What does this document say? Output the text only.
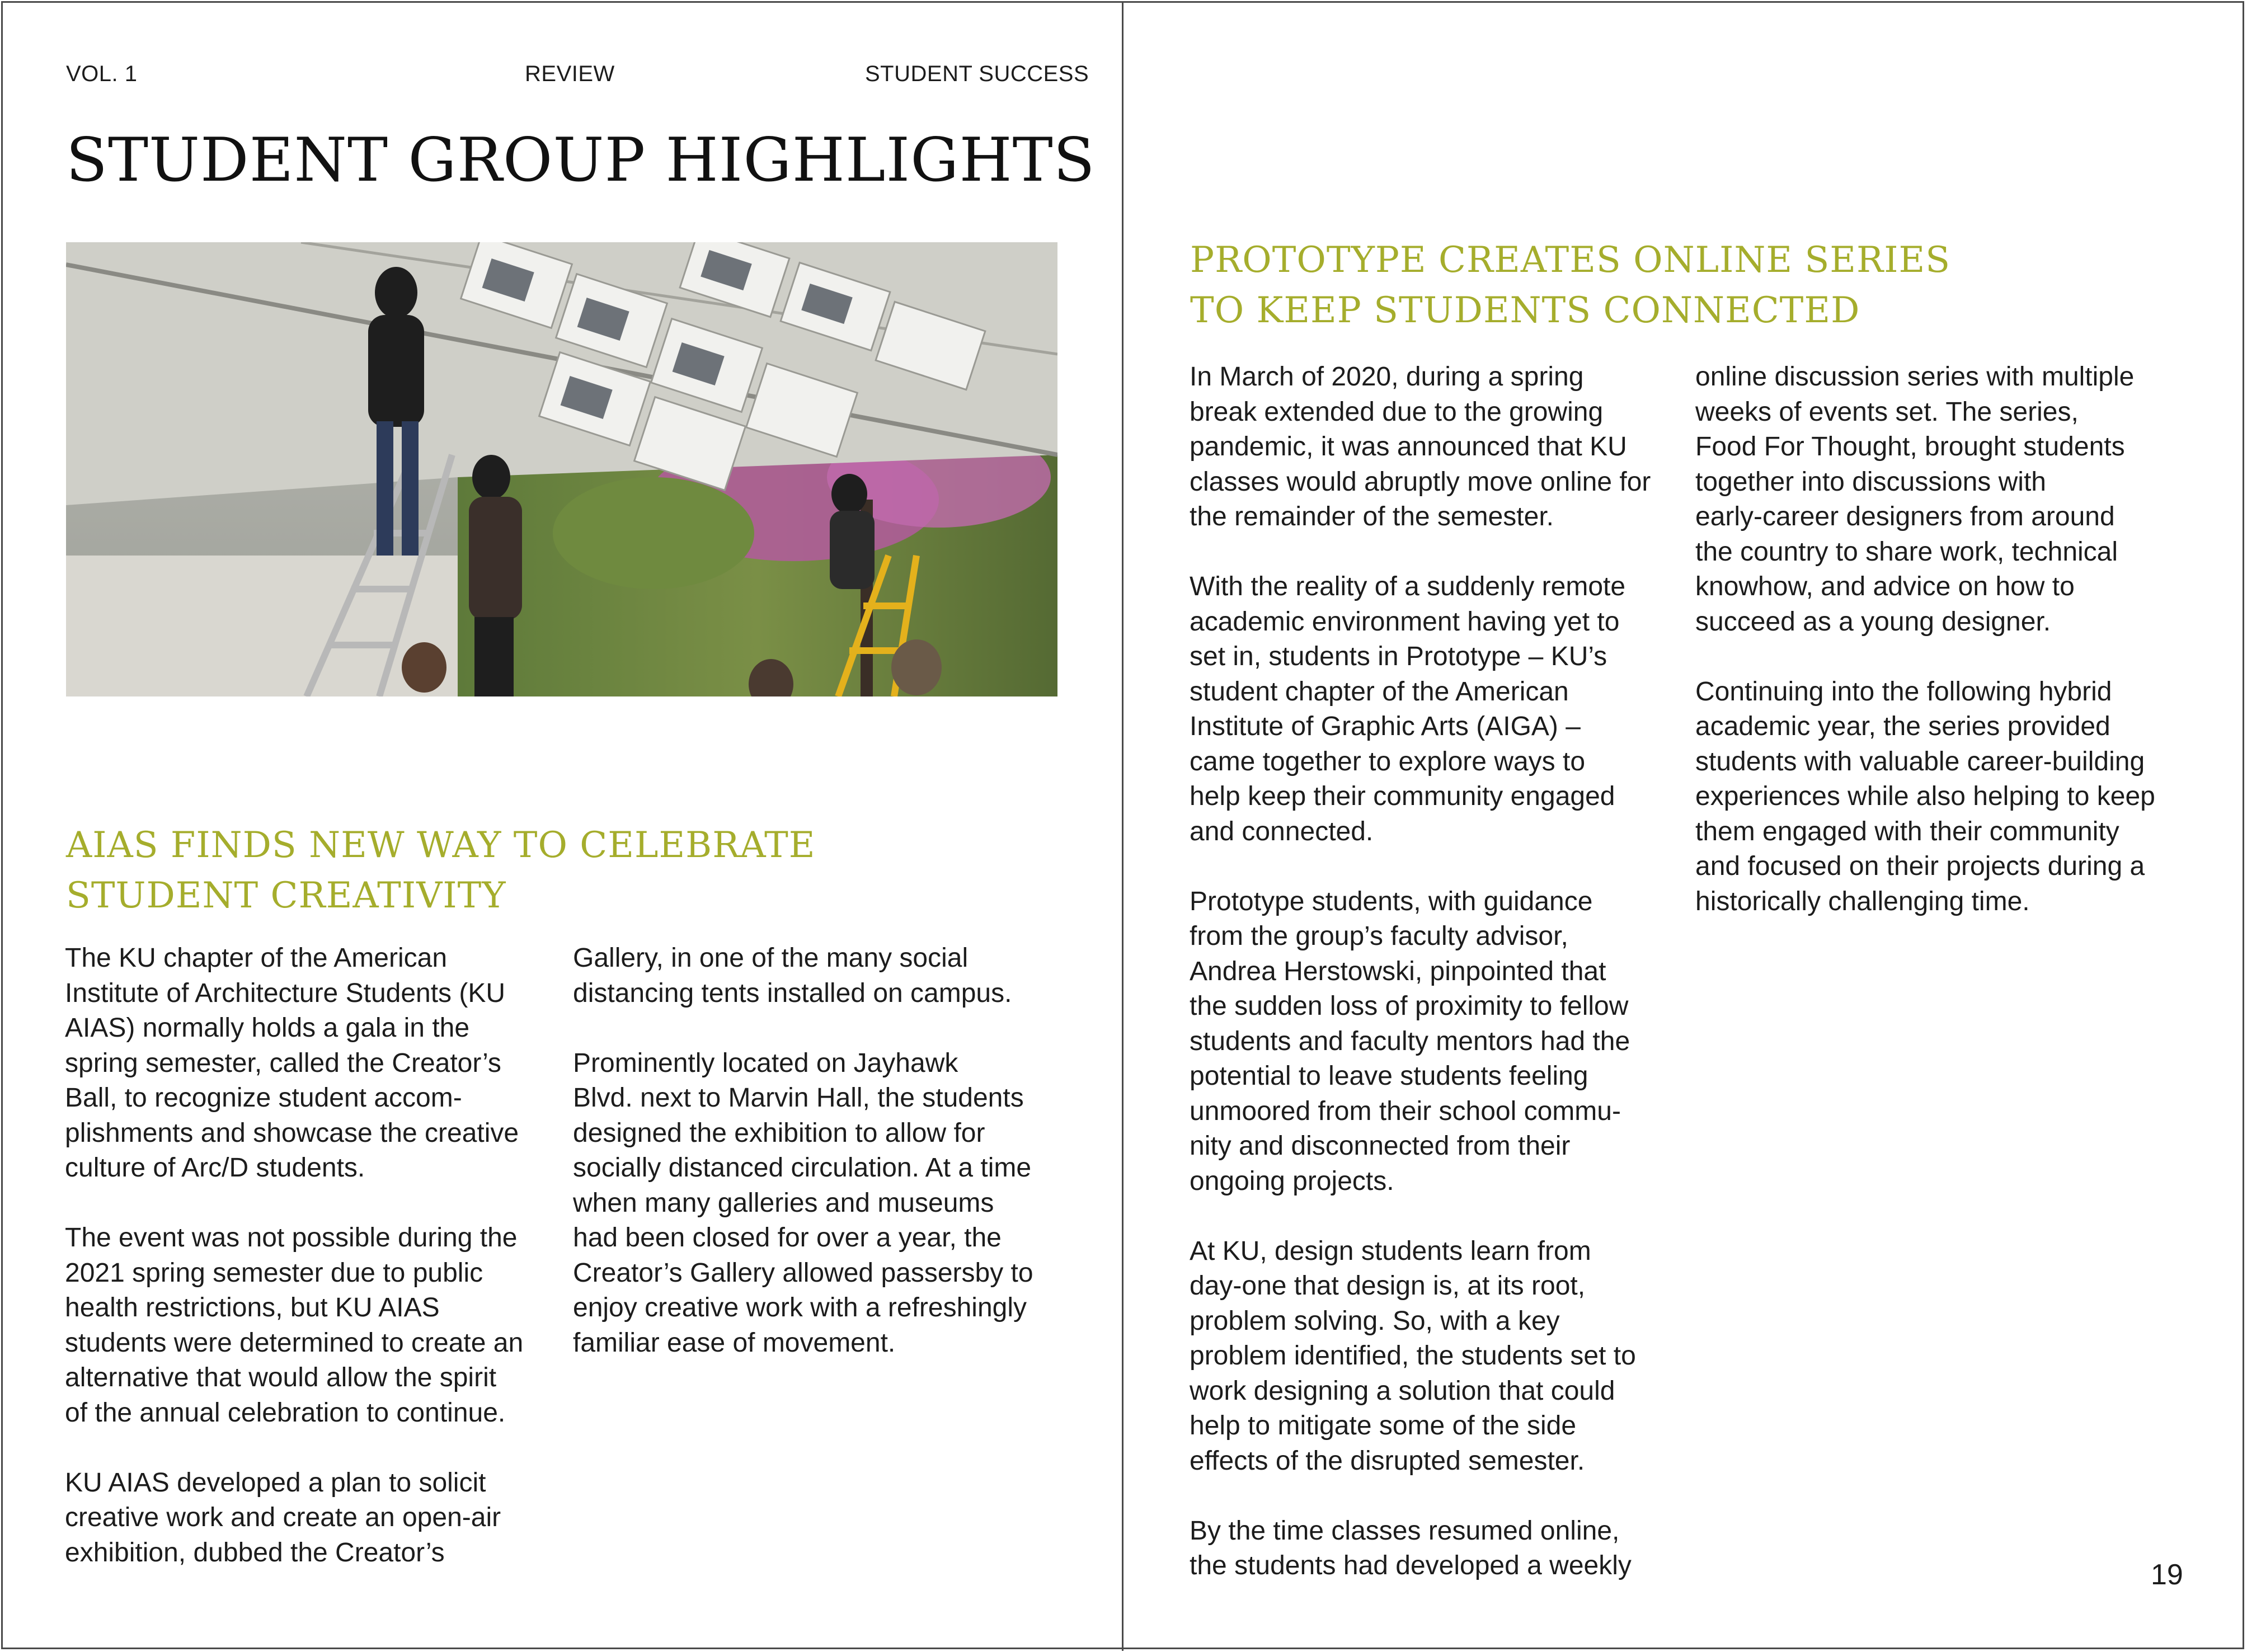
VOL. 1	REVIEW	STUDENT SUCCESS
STUDENT GROUP HIGHLIGHTS
AIAS FINDS NEW WAY TO CELEBRATE
STUDENT CREATIVITY

The KU chapter of the American
Institute of Architecture Students (KU
AIAS) normally holds a gala in the
spring semester, called the Creator’s
Ball, to recognize student accom-
plishments and showcase the creative
culture of Arc/D students.

The event was not possible during the
2021 spring semester due to public
health restrictions, but KU AIAS
students were determined to create an
alternative that would allow the spirit
of the annual celebration to continue.

KU AIAS developed a plan to solicit
creative work and create an open-air
exhibition, dubbed the Creator’s

Gallery, in one of the many social
distancing tents installed on campus.

Prominently located on Jayhawk
Blvd. next to Marvin Hall, the students
designed the exhibition to allow for
socially distanced circulation. At a time
when many galleries and museums
had been closed for over a year, the
Creator’s Gallery allowed passersby to
enjoy creative work with a refreshingly
familiar ease of movement.

PROTOTYPE CREATES ONLINE SERIES
TO KEEP STUDENTS CONNECTED

In March of 2020, during a spring
break extended due to the growing
pandemic, it was announced that KU
classes would abruptly move online for
the remainder of the semester.

With the reality of a suddenly remote
academic environment having yet to
set in, students in Prototype – KU’s
student chapter of the American
Institute of Graphic Arts (AIGA) –
came together to explore ways to
help keep their community engaged
and connected.

Prototype students, with guidance
from the group’s faculty advisor,
Andrea Herstowski, pinpointed that
the sudden loss of proximity to fellow
students and faculty mentors had the
potential to leave students feeling
unmoored from their school commu-
nity and disconnected from their
ongoing projects.

At KU, design students learn from
day-one that design is, at its root,
problem solving. So, with a key
problem identified, the students set to
work designing a solution that could
help to mitigate some of the side
effects of the disrupted semester.

By the time classes resumed online,
the students had developed a weekly

online discussion series with multiple
weeks of events set. The series,
Food For Thought, brought students
together into discussions with
early-career designers from around
the country to share work, technical
knowhow, and advice on how to
succeed as a young designer.

Continuing into the following hybrid
academic year, the series provided
students with valuable career-building
experiences while also helping to keep
them engaged with their community
and focused on their projects during a
historically challenging time.

19
